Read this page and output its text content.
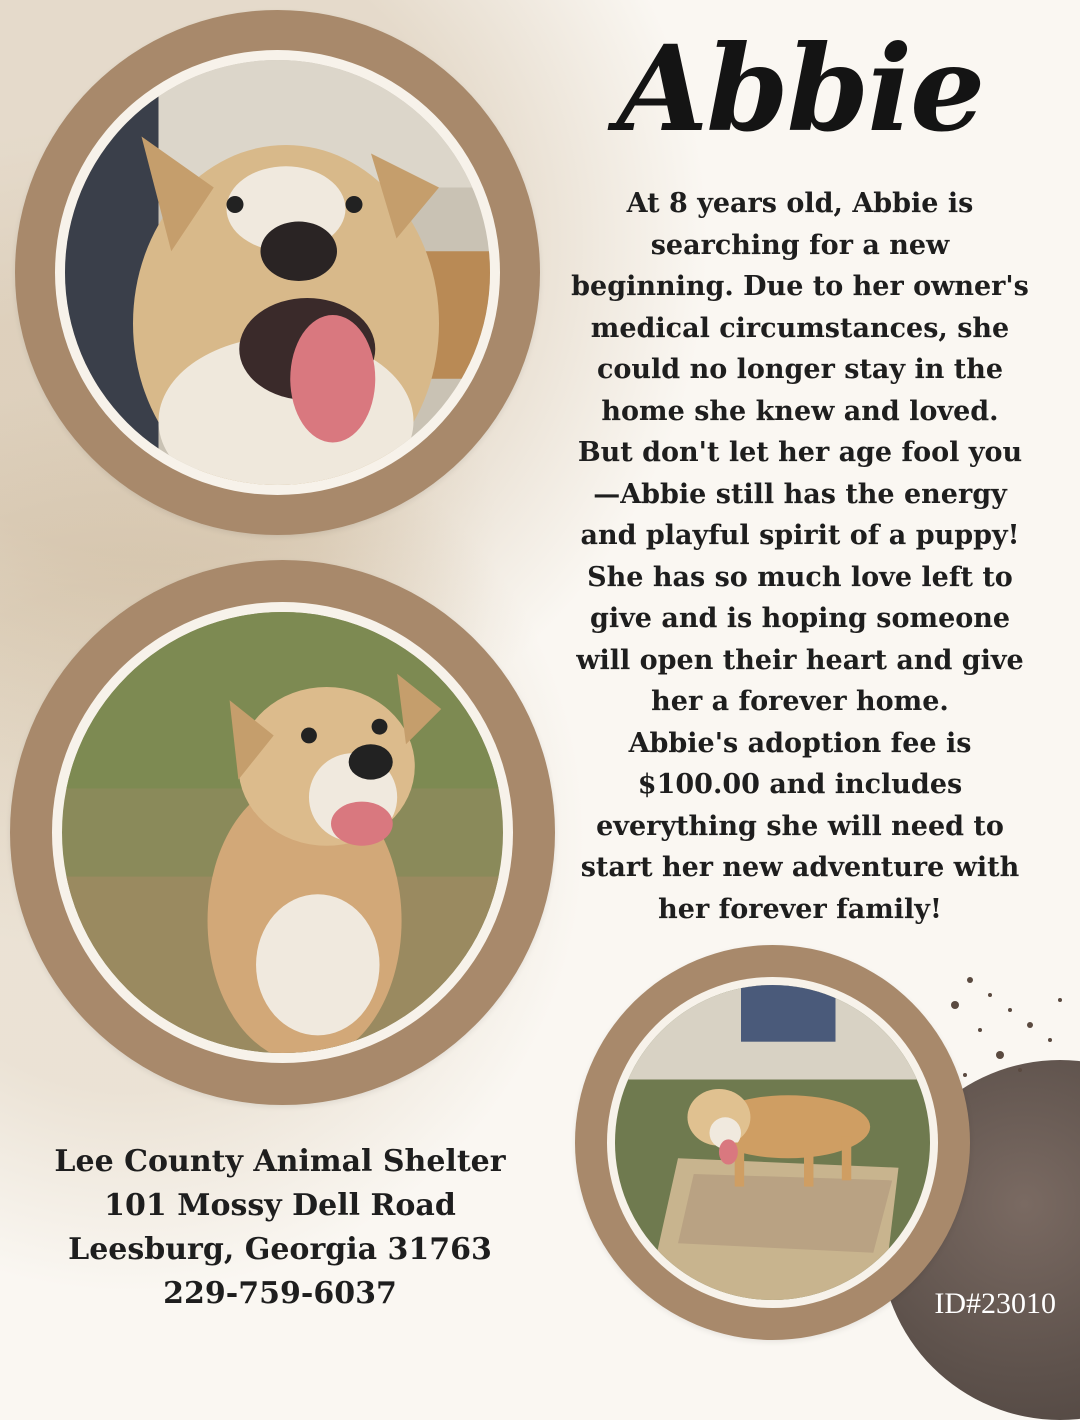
Abbie

At 8 years old, Abbie is searching for a new beginning. Due to her owner's medical circumstances, she could no longer stay in the home she knew and loved.

But don't let her age fool you—Abbie still has the energy and playful spirit of a puppy! She has so much love left to give and is hoping someone will open their heart and give her a forever home.

Abbie's adoption fee is $100.00 and includes everything she will need to start her new adventure with her forever family!

Lee County Animal Shelter
101 Mossy Dell Road
Leesburg, Georgia 31763
229-759-6037	ID#23010
